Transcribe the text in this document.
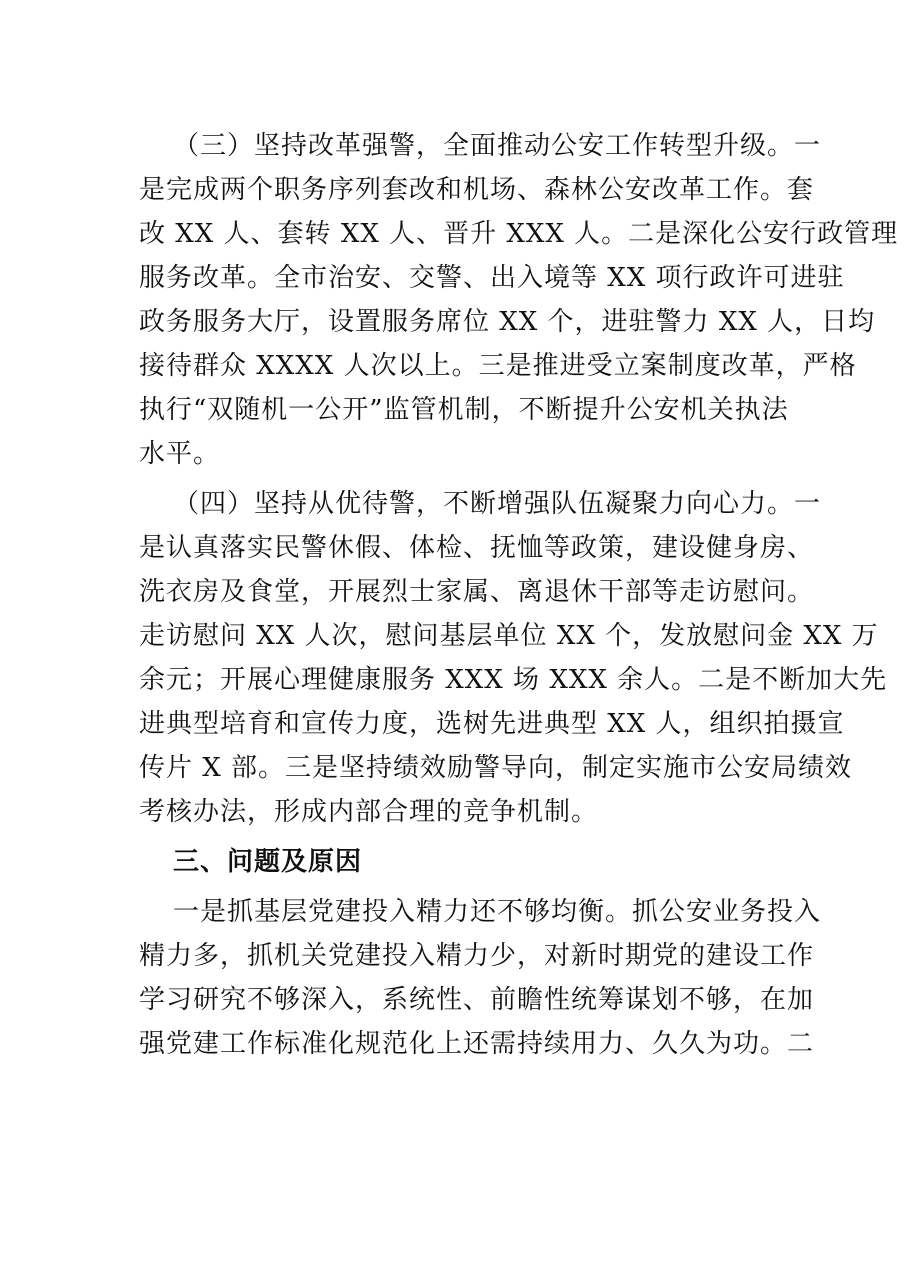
（三）坚持改革强警，全面推动公安工作转型升级。一
是完成两个职务序列套改和机场、森林公安改革工作。套
改 XX 人、套转 XX 人、晋升 XXX 人。二是深化公安行政管理
服务改革。全市治安、交警、出入境等 XX 项行政许可进驻
政务服务大厅，设置服务席位 XX 个，进驻警力 XX 人，日均
接待群众 XXXX 人次以上。三是推进受立案制度改革，严格
执行“双随机一公开”监管机制，不断提升公安机关执法
水平。
（四）坚持从优待警，不断增强队伍凝聚力向心力。一
是认真落实民警休假、体检、抚恤等政策，建设健身房、
洗衣房及食堂，开展烈士家属、离退休干部等走访慰问。
走访慰问 XX 人次，慰问基层单位 XX 个，发放慰问金 XX 万
余元；开展心理健康服务 XXX 场 XXX 余人。二是不断加大先
进典型培育和宣传力度，选树先进典型 XX 人，组织拍摄宣
传片 X 部。三是坚持绩效励警导向，制定实施市公安局绩效
考核办法，形成内部合理的竞争机制。
三、问题及原因
一是抓基层党建投入精力还不够均衡。抓公安业务投入
精力多，抓机关党建投入精力少，对新时期党的建设工作
学习研究不够深入，系统性、前瞻性统筹谋划不够，在加
强党建工作标准化规范化上还需持续用力、久久为功。二
